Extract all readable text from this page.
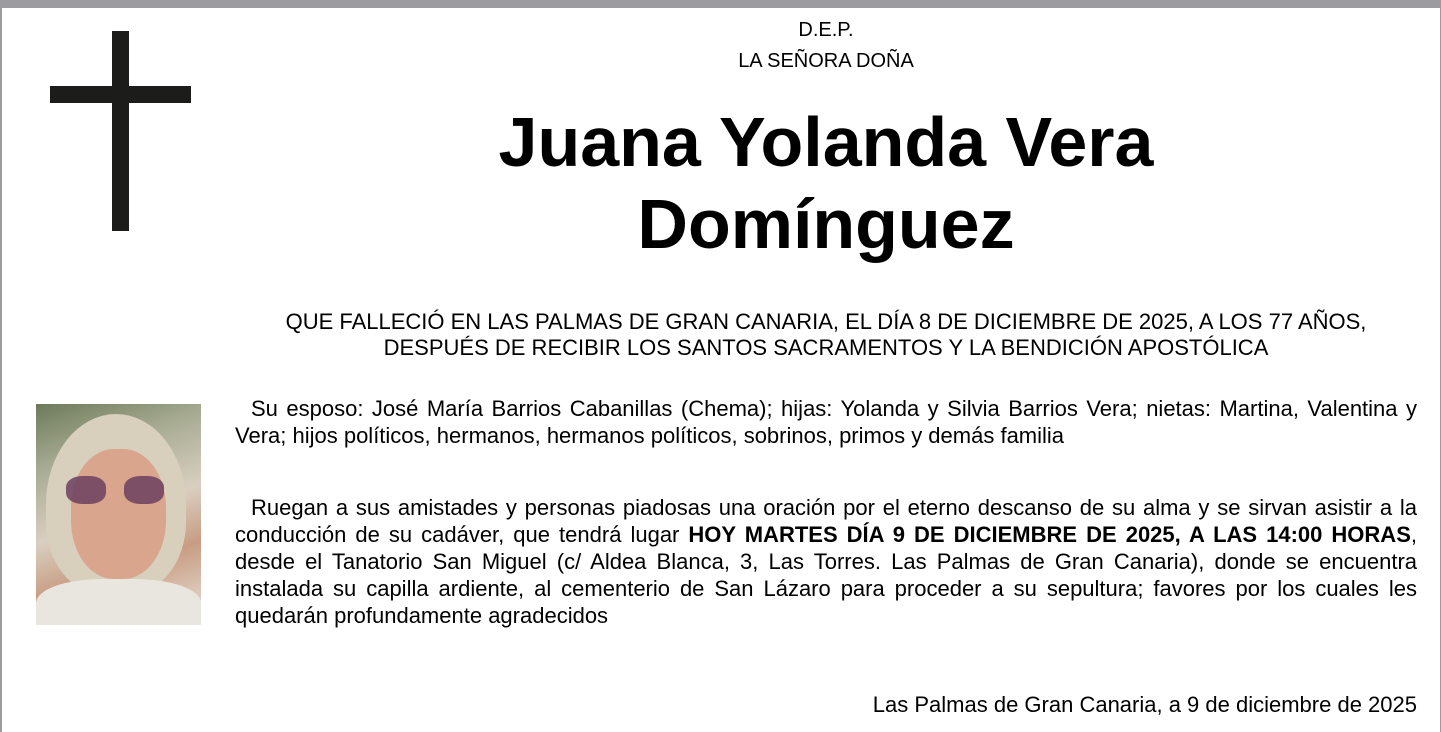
D.E.P.
LA SEÑORA DOÑA
Juana Yolanda Vera
Domínguez
QUE FALLECIÓ EN LAS PALMAS DE GRAN CANARIA, EL DÍA 8 DE DICIEMBRE DE 2025, A LOS 77 AÑOS, DESPUÉS DE RECIBIR LOS SANTOS SACRAMENTOS Y LA BENDICIÓN APOSTÓLICA
Su esposo: José María Barrios Cabanillas (Chema); hijas: Yolanda y Silvia Barrios Vera; nietas: Martina, Valentina y Vera; hijos políticos, hermanos, hermanos políticos, sobrinos, primos y demás familia
Ruegan a sus amistades y personas piadosas una oración por el eterno descanso de su alma y se sirvan asistir a la conducción de su cadáver, que tendrá lugar HOY MARTES DÍA 9 DE DICIEMBRE DE 2025, A LAS 14:00 HORAS, desde el Tanatorio San Miguel (c/ Aldea Blanca, 3, Las Torres. Las Palmas de Gran Canaria), donde se encuentra instalada su capilla ardiente, al cementerio de San Lázaro para proceder a su sepultura; favores por los cuales les quedarán profundamente agradecidos
Las Palmas de Gran Canaria, a 9 de diciembre de 2025
